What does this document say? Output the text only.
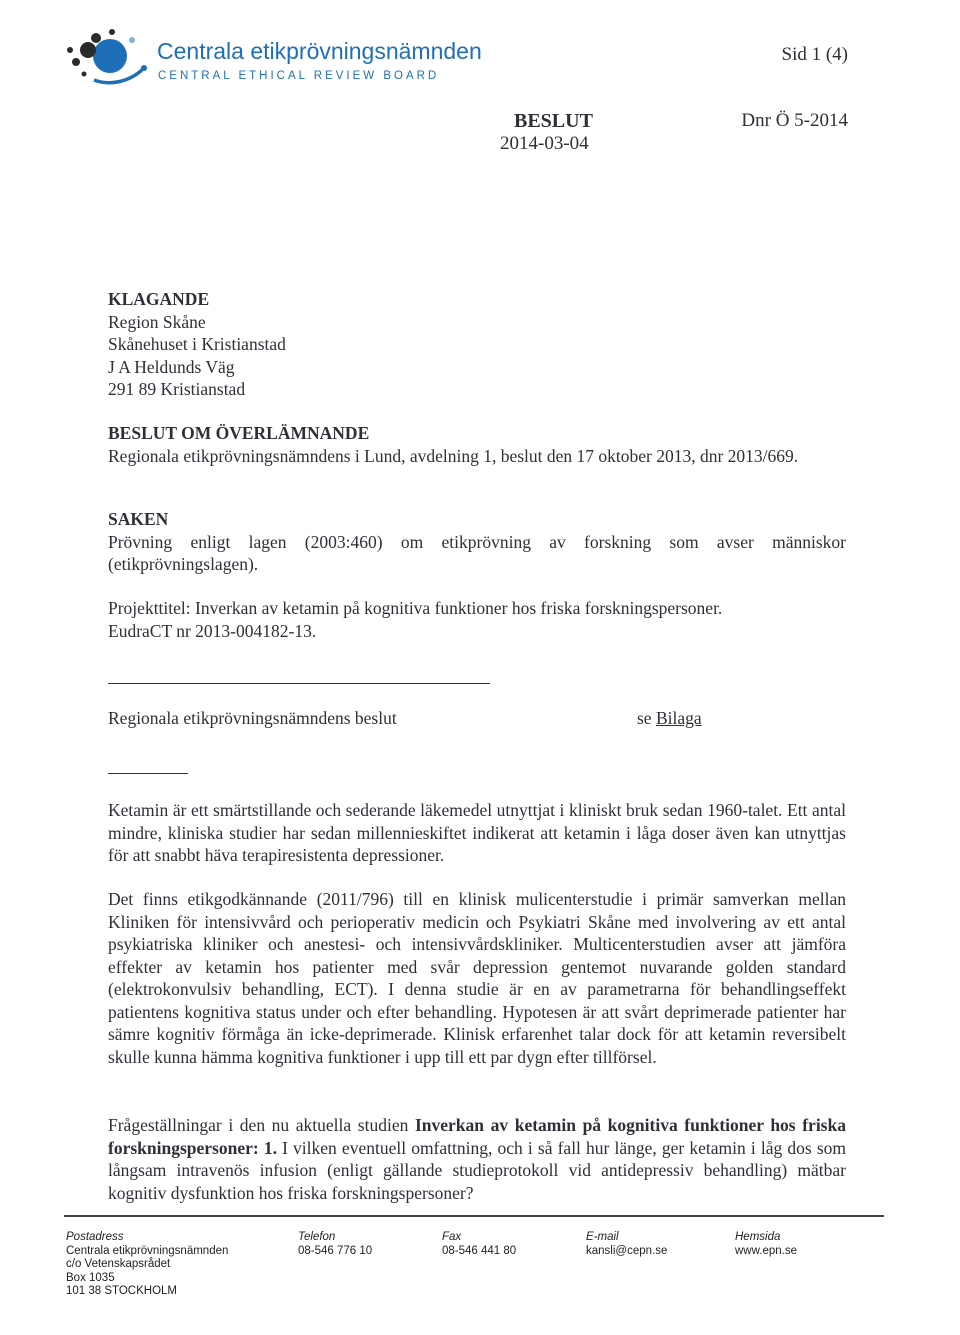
Centrala etikprövningsnämnden
CENTRAL ETHICAL REVIEW BOARD
Sid 1 (4)
BESLUT
2014-03-04
Dnr Ö 5-2014
KLAGANDE
Region Skåne
Skånehuset i Kristianstad
J A Heldunds Väg
291 89 Kristianstad
BESLUT OM ÖVERLÄMNANDE
Regionala etikprövningsnämndens i Lund, avdelning 1, beslut den 17 oktober 2013, dnr 2013/669.
SAKEN
Prövning enligt lagen (2003:460) om etikprövning av forskning som avser människor (etikprövningslagen).
Projekttitel: Inverkan av ketamin på kognitiva funktioner hos friska forskningspersoner.
EudraCT nr 2013-004182-13.
Regionala etikprövningsnämndens beslut	se Bilaga
Ketamin är ett smärtstillande och sederande läkemedel utnyttjat i kliniskt bruk sedan 1960-talet. Ett antal mindre, kliniska studier har sedan millennieskiftet indikerat att ketamin i låga doser även kan utnyttjas för att snabbt häva terapiresistenta depressioner.
Det finns etikgodkännande (2011/796) till en klinisk mulicenterstudie i primär samverkan mellan Kliniken för intensivvård och perioperativ medicin och Psykiatri Skåne med involvering av ett antal psykiatriska kliniker och anestesi- och intensivvårdskliniker. Multicenterstudien avser att jämföra effekter av ketamin hos patienter med svår depression gentemot nuvarande golden standard (elektrokonvulsiv behandling, ECT). I denna studie är en av parametrarna för behandlingseffekt patientens kognitiva status under och efter behandling. Hypotesen är att svårt deprimerade patienter har sämre kognitiv förmåga än icke-deprimerade. Klinisk erfarenhet talar dock för att ketamin reversibelt skulle kunna hämma kognitiva funktioner i upp till ett par dygn efter tillförsel.
Frågeställningar i den nu aktuella studien Inverkan av ketamin på kognitiva funktioner hos friska forskningspersoner: 1. I vilken eventuell omfattning, och i så fall hur länge, ger ketamin i låg dos som långsam intravenös infusion (enligt gällande studieprotokoll vid antidepressiv behandling) mätbar kognitiv dysfunktion hos friska forskningspersoner?
Postadress
Centrala etikprövningsnämnden
c/o Vetenskapsrådet
Box 1035
101 38 STOCKHOLM
Telefon
08-546 776 10
Fax
08-546 441 80
E-mail
kansli@cepn.se
Hemsida
www.epn.se
